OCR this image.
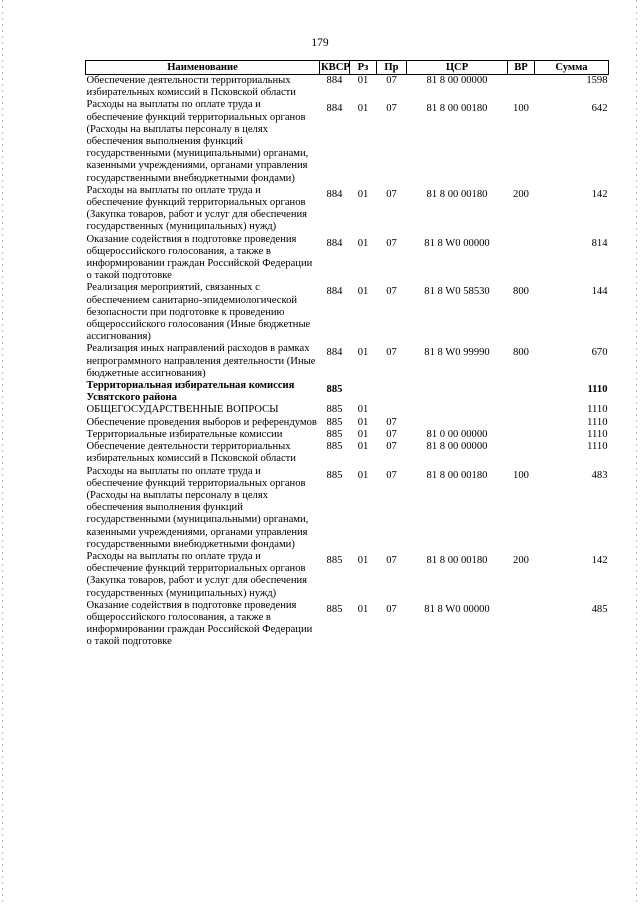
179
Наименование	КВСР	Рз	Пр	ЦСР	ВР	Сумма
Обеспечение деятельности территориальных избирательных комиссий в Псковской области	884	01	07	81 8 00 00000		1598
Расходы на выплаты по оплате труда и обеспечение функций территориальных органов (Расходы на выплаты персоналу в целях обеспечения выполнения функций государственными (муниципальными) органами, казенными учреждениями, органами управления государственными внебюджетными фондами)	884	01	07	81 8 00 00180	100	642
Расходы на выплаты по оплате труда и обеспечение функций территориальных органов (Закупка товаров, работ и услуг для обеспечения государственных (муниципальных) нужд)	884	01	07	81 8 00 00180	200	142
Оказание содействия в подготовке проведения общероссийского голосования, а также в информировании граждан Российской Федерации о такой подготовке	884	01	07	81 8 W0 00000		814
Реализация мероприятий, связанных с обеспечением санитарно-эпидемиологической безопасности при подготовке к проведению общероссийского голосования (Иные бюджетные ассигнования)	884	01	07	81 8 W0 58530	800	144
Реализация иных направлений расходов в рамках непрограммного направления деятельности (Иные бюджетные ассигнования)	884	01	07	81 8 W0 99990	800	670
Территориальная избирательная комиссия Усвятского района	885					1110
ОБЩЕГОСУДАРСТВЕННЫЕ ВОПРОСЫ	885	01				1110
Обеспечение проведения выборов и референдумов	885	01	07			1110
Территориальные избирательные комиссии	885	01	07	81 0 00 00000		1110
Обеспечение деятельности территориальных избирательных комиссий в Псковской области	885	01	07	81 8 00 00000		1110
Расходы на выплаты по оплате труда и обеспечение функций территориальных органов (Расходы на выплаты персоналу в целях обеспечения выполнения функций государственными (муниципальными) органами, казенными учреждениями, органами управления государственными внебюджетными фондами)	885	01	07	81 8 00 00180	100	483
Расходы на выплаты по оплате труда и обеспечение функций территориальных органов (Закупка товаров, работ и услуг для обеспечения государственных (муниципальных) нужд)	885	01	07	81 8 00 00180	200	142
Оказание содействия в подготовке проведения общероссийского голосования, а также в информировании граждан Российской Федерации о такой подготовке	885	01	07	81 8 W0 00000		485
